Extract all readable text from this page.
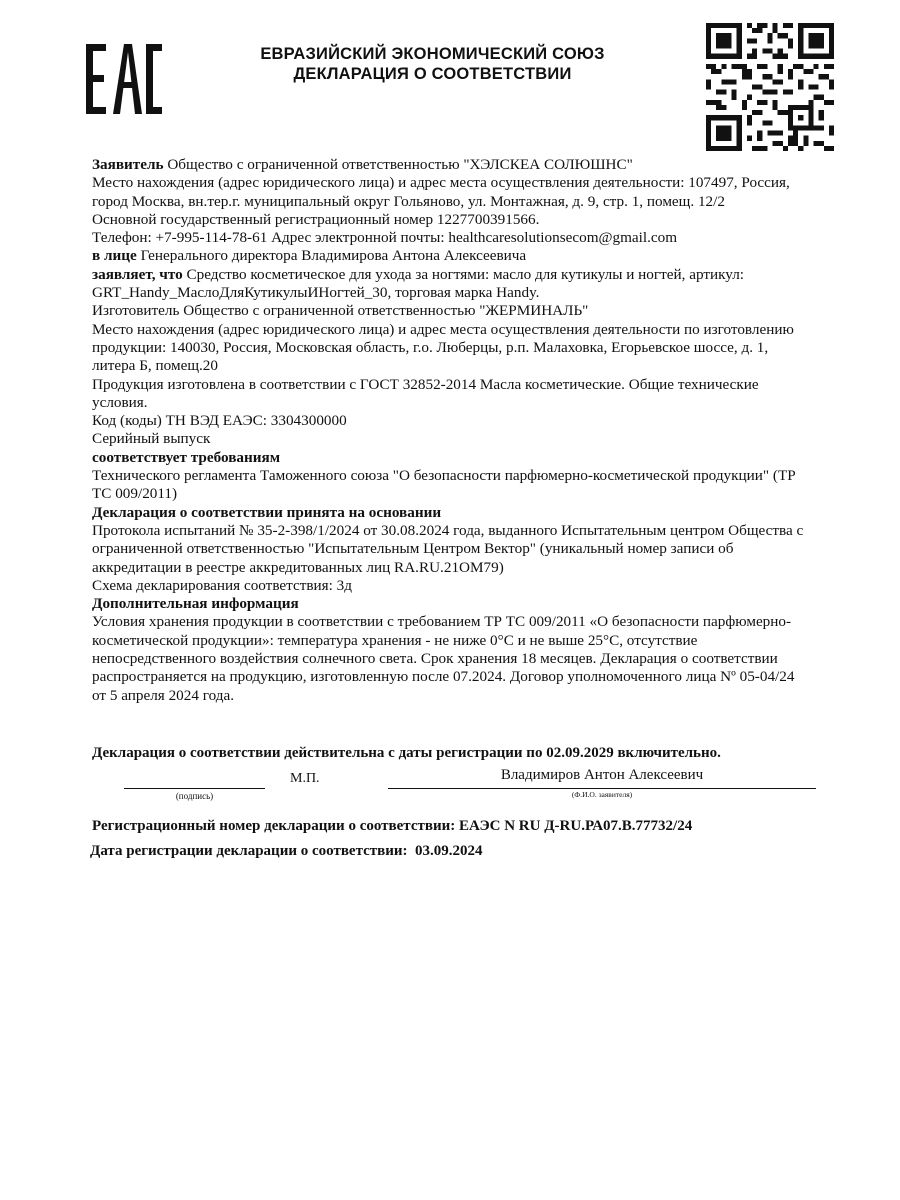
ЕВРАЗИЙСКИЙ ЭКОНОМИЧЕСКИЙ СОЮЗ
ДЕКЛАРАЦИЯ О СООТВЕТСТВИИ

Заявитель Общество с ограниченной ответственностью "ХЭЛСКЕА СОЛЮШНС"

Место нахождения (адрес юридического лица) и адрес места осуществления деятельности: 107497, Россия, город Москва, вн.тер.г. муниципальный округ Гольяново, ул. Монтажная, д. 9, стр. 1, помещ. 12/2

Основной государственный регистрационный номер 1227700391566.

Телефон: +7-995-114-78-61 Адрес электронной почты: healthcaresolutionsecom@gmail.com

в лице Генерального директора Владимирова Антона Алексеевича

заявляет, что Средство косметическое для ухода за ногтями: масло для кутикулы и ногтей, артикул: GRT_Handy_МаслоДляКутикулыИНогтей_30, торговая марка Handy.

Изготовитель Общество с ограниченной ответственностью "ЖЕРМИНАЛЬ"

Место нахождения (адрес юридического лица) и адрес места осуществления деятельности по изготовлению продукции: 140030, Россия, Московская область, г.о. Люберцы, р.п. Малаховка, Егорьевское шоссе, д. 1, литера Б, помещ.20

Продукция изготовлена в соответствии с ГОСТ 32852-2014 Масла косметические. Общие технические условия.

Код (коды) ТН ВЭД ЕАЭС: 3304300000

Серийный выпуск

соответствует требованиям

Технического регламента Таможенного союза "О безопасности парфюмерно-косметической продукции" (ТР ТС 009/2011)

Декларация о соответствии принята на основании

Протокола испытаний № 35-2-398/1/2024 от 30.08.2024 года, выданного Испытательным центром Общества с ограниченной ответственностью "Испытательным Центром Вектор" (уникальный номер записи об аккредитации в реестре аккредитованных лиц RA.RU.21OM79)

Схема декларирования соответствия: 3д

Дополнительная информация

Условия хранения продукции в соответствии с требованием ТР ТС 009/2011 «О безопасности парфюмерно-косметической продукции»: температура хранения - не ниже 0°С и не выше 25°С, отсутствие непосредственного воздействия солнечного света. Срок хранения 18 месяцев. Декларация о соответствии распространяется на продукцию, изготовленную после 07.2024. Договор уполномоченного лица Nº 05-04/24 от 5 апреля 2024 года.

Декларация о соответствии действительна с даты регистрации по 02.09.2029 включительно.
(подпись)
М.П.	Владимиров Антон Алексеевич
(Ф.И.О. заявителя)
Регистрационный номер декларации о соответствии: ЕАЭС N RU Д-RU.РА07.В.77732/24
Дата регистрации декларации о соответствии: 03.09.2024
